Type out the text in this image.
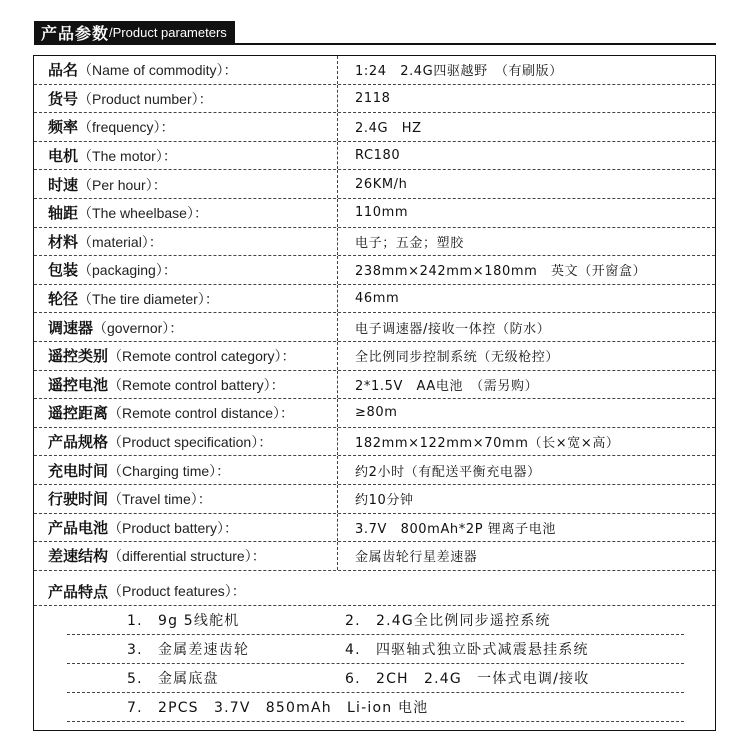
产品参数 /Product parameters
品名 （Name of commodity）：	1:24　2.4G四驱越野　（有刷版）
货号 （Product number）：	2118
频率 （frequency）：	2.4G　HZ
电机 （The motor）：	RC180
时速 （Per hour）：	26KM/h
轴距 （The wheelbase）：	110mm
材料 （material）：	电子；五金；塑胶
包装 （packaging）：	238mm×242mm×180mm　英文（开窗盒）
轮径 （The tire diameter）：	46mm
调速器 （governor）：	电子调速器/接收一体控（防水）
遥控类别 （Remote control category）：	全比例同步控制系统（无级枪控）
遥控电池 （Remote control battery）：	2*1.5V　AA电池　（需另购）
遥控距离 （Remote control distance）：	≥80m
产品规格 （Product specification）：	182mm×122mm×70mm（长×宽×高）
充电时间 （Charging time）：	约2小时（有配送平衡充电器）
行驶时间 （Travel time）：	约10分钟
产品电池 （Product battery）：	3.7V　800mAh*2P 锂离子电池
差速结构 （differential structure）：	金属齿轮行星差速器
产品特点 （Product features）：
1.　9g 5线舵机	2.　2.4G全比例同步遥控系统
3.　金属差速齿轮	4.　四驱轴式独立卧式减震悬挂系统
5.　金属底盘	6.　2CH　2.4G　一体式电调/接收
7.　2PCS　3.7V　850mAh　Li-ion 电池
